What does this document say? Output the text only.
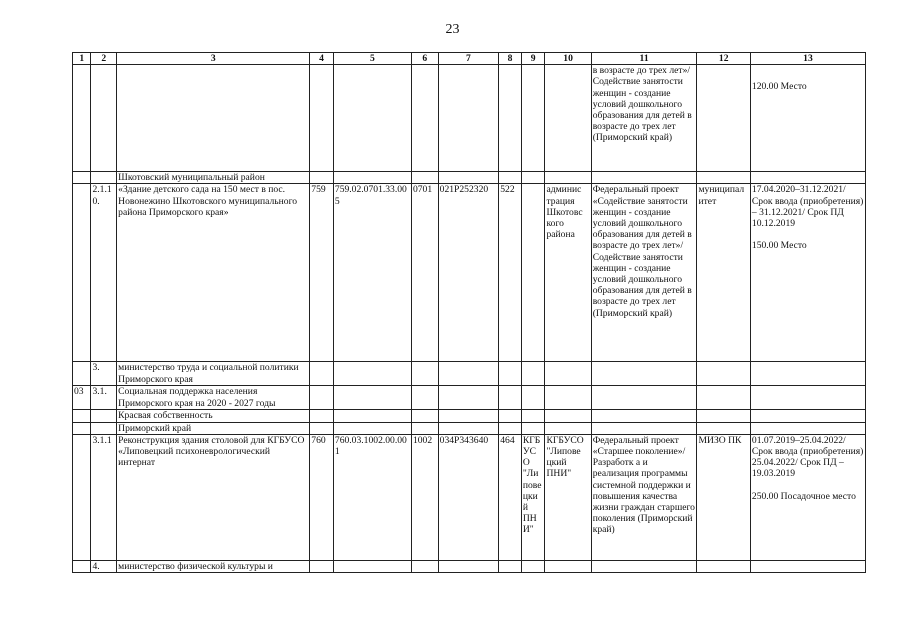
23
1	2	3	4	5	6	7	8	9	10	11	12	13
										в возрасте до трех лет»/Содействие занятости женщин - создание условий дошкольного образования для детей в возрасте до трех лет (Приморский край)		120.00 Место
		Шкотовский муниципальный район										
	2.1.1 0.	«Здание детского сада на 150 мест в пос. Новонежино Шкотовского муниципального района Приморского края»	759	759.02.0701.33.005	0701	021P252320	522		админис трация Шкотовс кого района	Федеральный проект «Содействие занятости женщин - создание условий дошкольного образования для детей в возрасте до трех лет»/Содействие занятости женщин - создание условий дошкольного образования для детей в возрасте до трех лет (Приморский край)	муниципал итет	17.04.2020–31.12.2021/ Срок ввода (приобретения) – 31.12.2021/ Срок ПД 10.12.2019
150.00 Место

	3.	министерство труда и социальной политики Приморского края										
03	3.1.	Социальная поддержка населения Приморского края на 2020 - 2027 годы										
		Красвая собственность										
		Приморский край										
	3.1.1	Реконструкция здания столовой для КГБУСО «Липовецкий психоневрологический интернат	760	760.03.1002.00.001	1002	034P343640	464	КГБ УС О "Ли пове цки й ПН И"	КГБУСО "Липове цкий ПНИ"	Федеральный проект «Старшее поколение»/Разработк а и реализация программы системной поддержки и повышения качества жизни граждан старшего поколения (Приморский край)	МИЗО ПК	01.07.2019–25.04.2022/ Срок ввода (приобретения) 25.04.2022/ Срок ПД – 19.03.2019
250.00 Посадочное место

	4.	министерство физической культуры и										
